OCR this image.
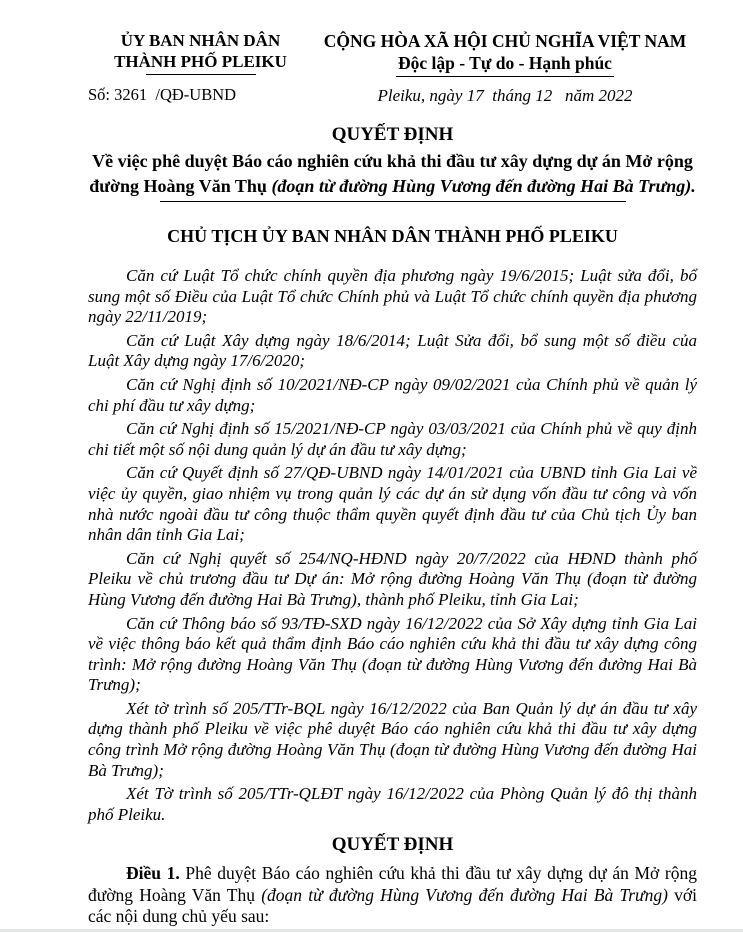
ỦY BAN NHÂN DÂN
THÀNH PHỐ PLEIKU
Số: 3261  /QĐ-UBND
CỘNG HÒA XÃ HỘI CHỦ NGHĨA VIỆT NAM
Độc lập - Tự do - Hạnh phúc
Pleiku, ngày 17  tháng 12   năm 2022
QUYẾT ĐỊNH
Về việc phê duyệt Báo cáo nghiên cứu khả thi đầu tư xây dựng dự án Mở rộng đường Hoàng Văn Thụ (đoạn từ đường Hùng Vương đến đường Hai Bà Trưng).
CHỦ TỊCH ỦY BAN NHÂN DÂN THÀNH PHỐ PLEIKU

Căn cứ Luật Tổ chức chính quyền địa phương ngày 19/6/2015; Luật sửa đổi, bổ sung một số Điều của Luật Tổ chức Chính phủ và Luật Tổ chức chính quyền địa phương ngày 22/11/2019;

Căn cứ Luật Xây dựng ngày 18/6/2014; Luật Sửa đổi, bổ sung một số điều của Luật Xây dựng ngày 17/6/2020;

Căn cứ Nghị định số 10/2021/NĐ-CP ngày 09/02/2021 của Chính phủ về quản lý chi phí đầu tư xây dựng;

Căn cứ Nghị định số 15/2021/NĐ-CP ngày 03/03/2021 của Chính phủ về quy định chi tiết một số nội dung quản lý dự án đầu tư xây dựng;

Căn cứ Quyết định số 27/QĐ-UBND ngày 14/01/2021 của UBND tỉnh Gia Lai về việc ủy quyền, giao nhiệm vụ trong quản lý các dự án sử dụng vốn đầu tư công và vốn nhà nước ngoài đầu tư công thuộc thẩm quyền quyết định đầu tư của Chủ tịch Ủy ban nhân dân tỉnh Gia Lai;

Căn cứ Nghị quyết số 254/NQ-HĐND ngày 20/7/2022 của HĐND thành phố Pleiku về chủ trương đầu tư Dự án: Mở rộng đường Hoàng Văn Thụ (đoạn từ đường Hùng Vương đến đường Hai Bà Trưng), thành phố Pleiku, tỉnh Gia Lai;

Căn cứ Thông báo số 93/TĐ-SXD ngày 16/12/2022 của Sở Xây dựng tỉnh Gia Lai về việc thông báo kết quả thẩm định Báo cáo nghiên cứu khả thi đầu tư xây dựng công trình: Mở rộng đường Hoàng Văn Thụ (đoạn từ đường Hùng Vương đến đường Hai Bà Trưng);

Xét tờ trình số 205/TTr-BQL ngày 16/12/2022 của Ban Quản lý dự án đầu tư xây dựng thành phố Pleiku về việc phê duyệt Báo cáo nghiên cứu khả thi đầu tư xây dựng công trình Mở rộng đường Hoàng Văn Thụ (đoạn từ đường Hùng Vương đến đường Hai Bà Trưng);

Xét Tờ trình số 205/TTr-QLĐT ngày 16/12/2022 của Phòng Quản lý đô thị thành phố Pleiku.

QUYẾT ĐỊNH

Điều 1. Phê duyệt Báo cáo nghiên cứu khả thi đầu tư xây dựng dự án Mở rộng đường Hoàng Văn Thụ (đoạn từ đường Hùng Vương đến đường Hai Bà Trưng) với các nội dung chủ yếu sau:
